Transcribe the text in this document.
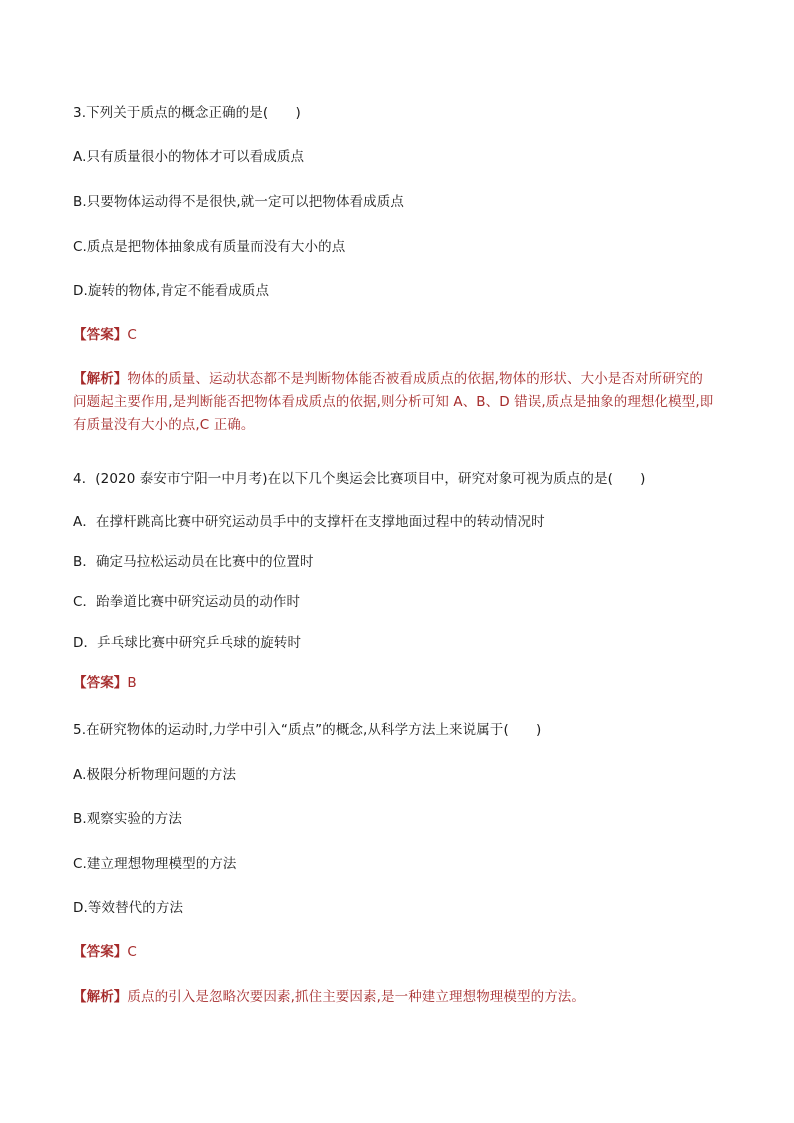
3.下列关于质点的概念正确的是(　　)
A.只有质量很小的物体才可以看成质点
B.只要物体运动得不是很快,就一定可以把物体看成质点
C.质点是把物体抽象成有质量而没有大小的点
D.旋转的物体,肯定不能看成质点
【答案】C
【解析】物体的质量、运动状态都不是判断物体能否被看成质点的依据,物体的形状、大小是否对所研究的
问题起主要作用,是判断能否把物体看成质点的依据,则分析可知 A、B、D 错误,质点是抽象的理想化模型,即
有质量没有大小的点,C 正确。
4．(2020 泰安市宁阳一中月考)在以下几个奥运会比赛项目中，研究对象可视为质点的是(　　)
A．在撑杆跳高比赛中研究运动员手中的支撑杆在支撑地面过程中的转动情况时
B．确定马拉松运动员在比赛中的位置时
C．跆拳道比赛中研究运动员的动作时
D．乒乓球比赛中研究乒乓球的旋转时
【答案】B
5.在研究物体的运动时,力学中引入“质点”的概念,从科学方法上来说属于(　　)
A.极限分析物理问题的方法
B.观察实验的方法
C.建立理想物理模型的方法
D.等效替代的方法
【答案】C
【解析】质点的引入是忽略次要因素,抓住主要因素,是一种建立理想物理模型的方法。
